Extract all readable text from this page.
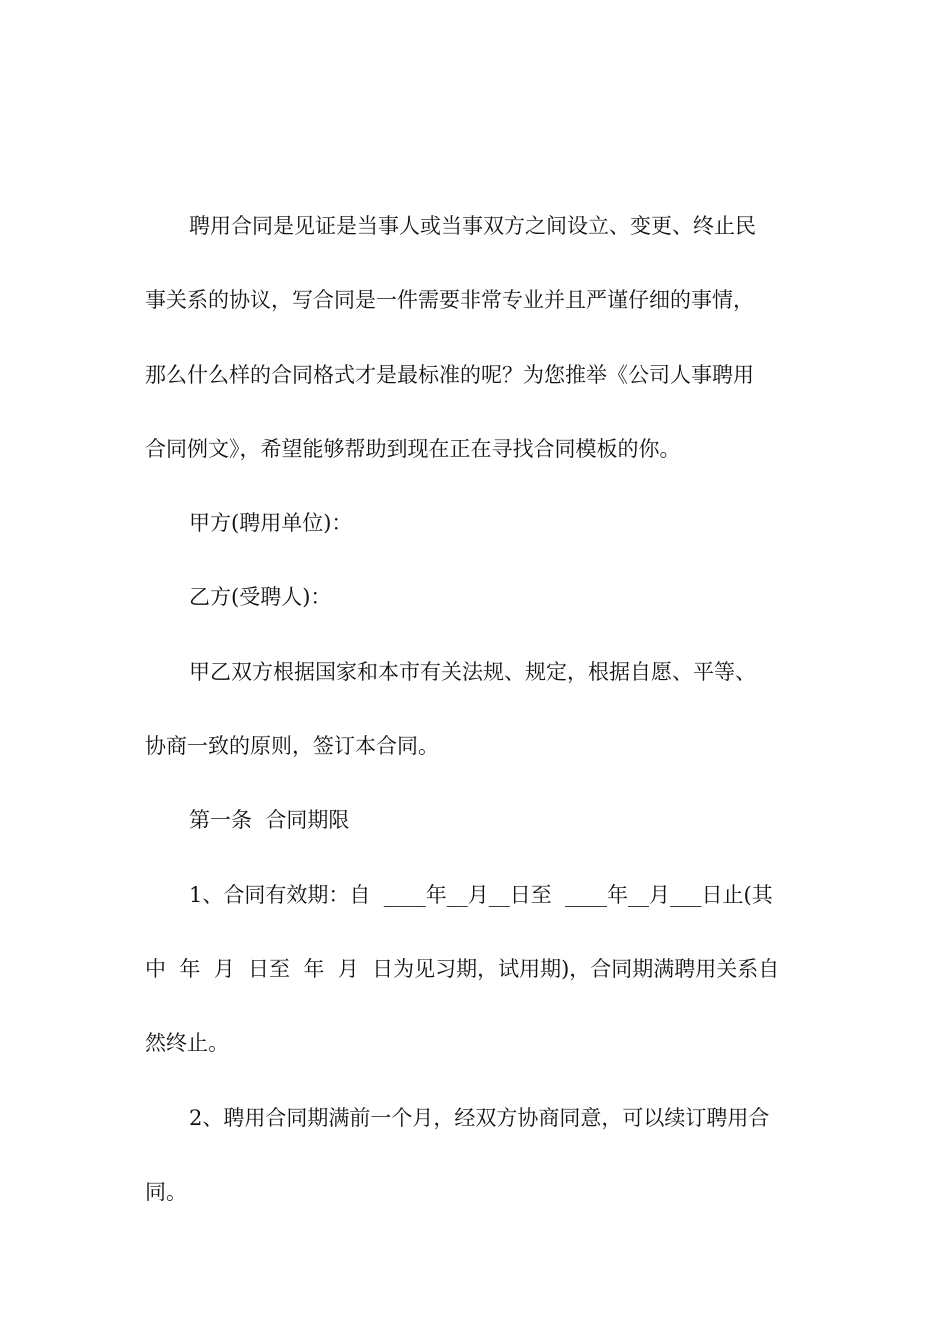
聘用合同是见证是当事人或当事双方之间设立、变更、终止民
事关系的协议，写合同是一件需要非常专业并且严谨仔细的事情，
那么什么样的合同格式才是最标准的呢？为您推举《公司人事聘用
合同例文》，希望能够帮助到现在正在寻找合同模板的你。
甲方(聘用单位)：
乙方(受聘人)：
甲乙双方根据国家和本市有关法规、规定，根据自愿、平等、
协商一致的原则，签订本合同。
第一条  合同期限
1、合同有效期：自  ____年__月__日至  ____年__月___日止(其
中  年  月  日至  年  月  日为见习期，试用期)，合同期满聘用关系自
然终止。
2、聘用合同期满前一个月，经双方协商同意，可以续订聘用合
同。
